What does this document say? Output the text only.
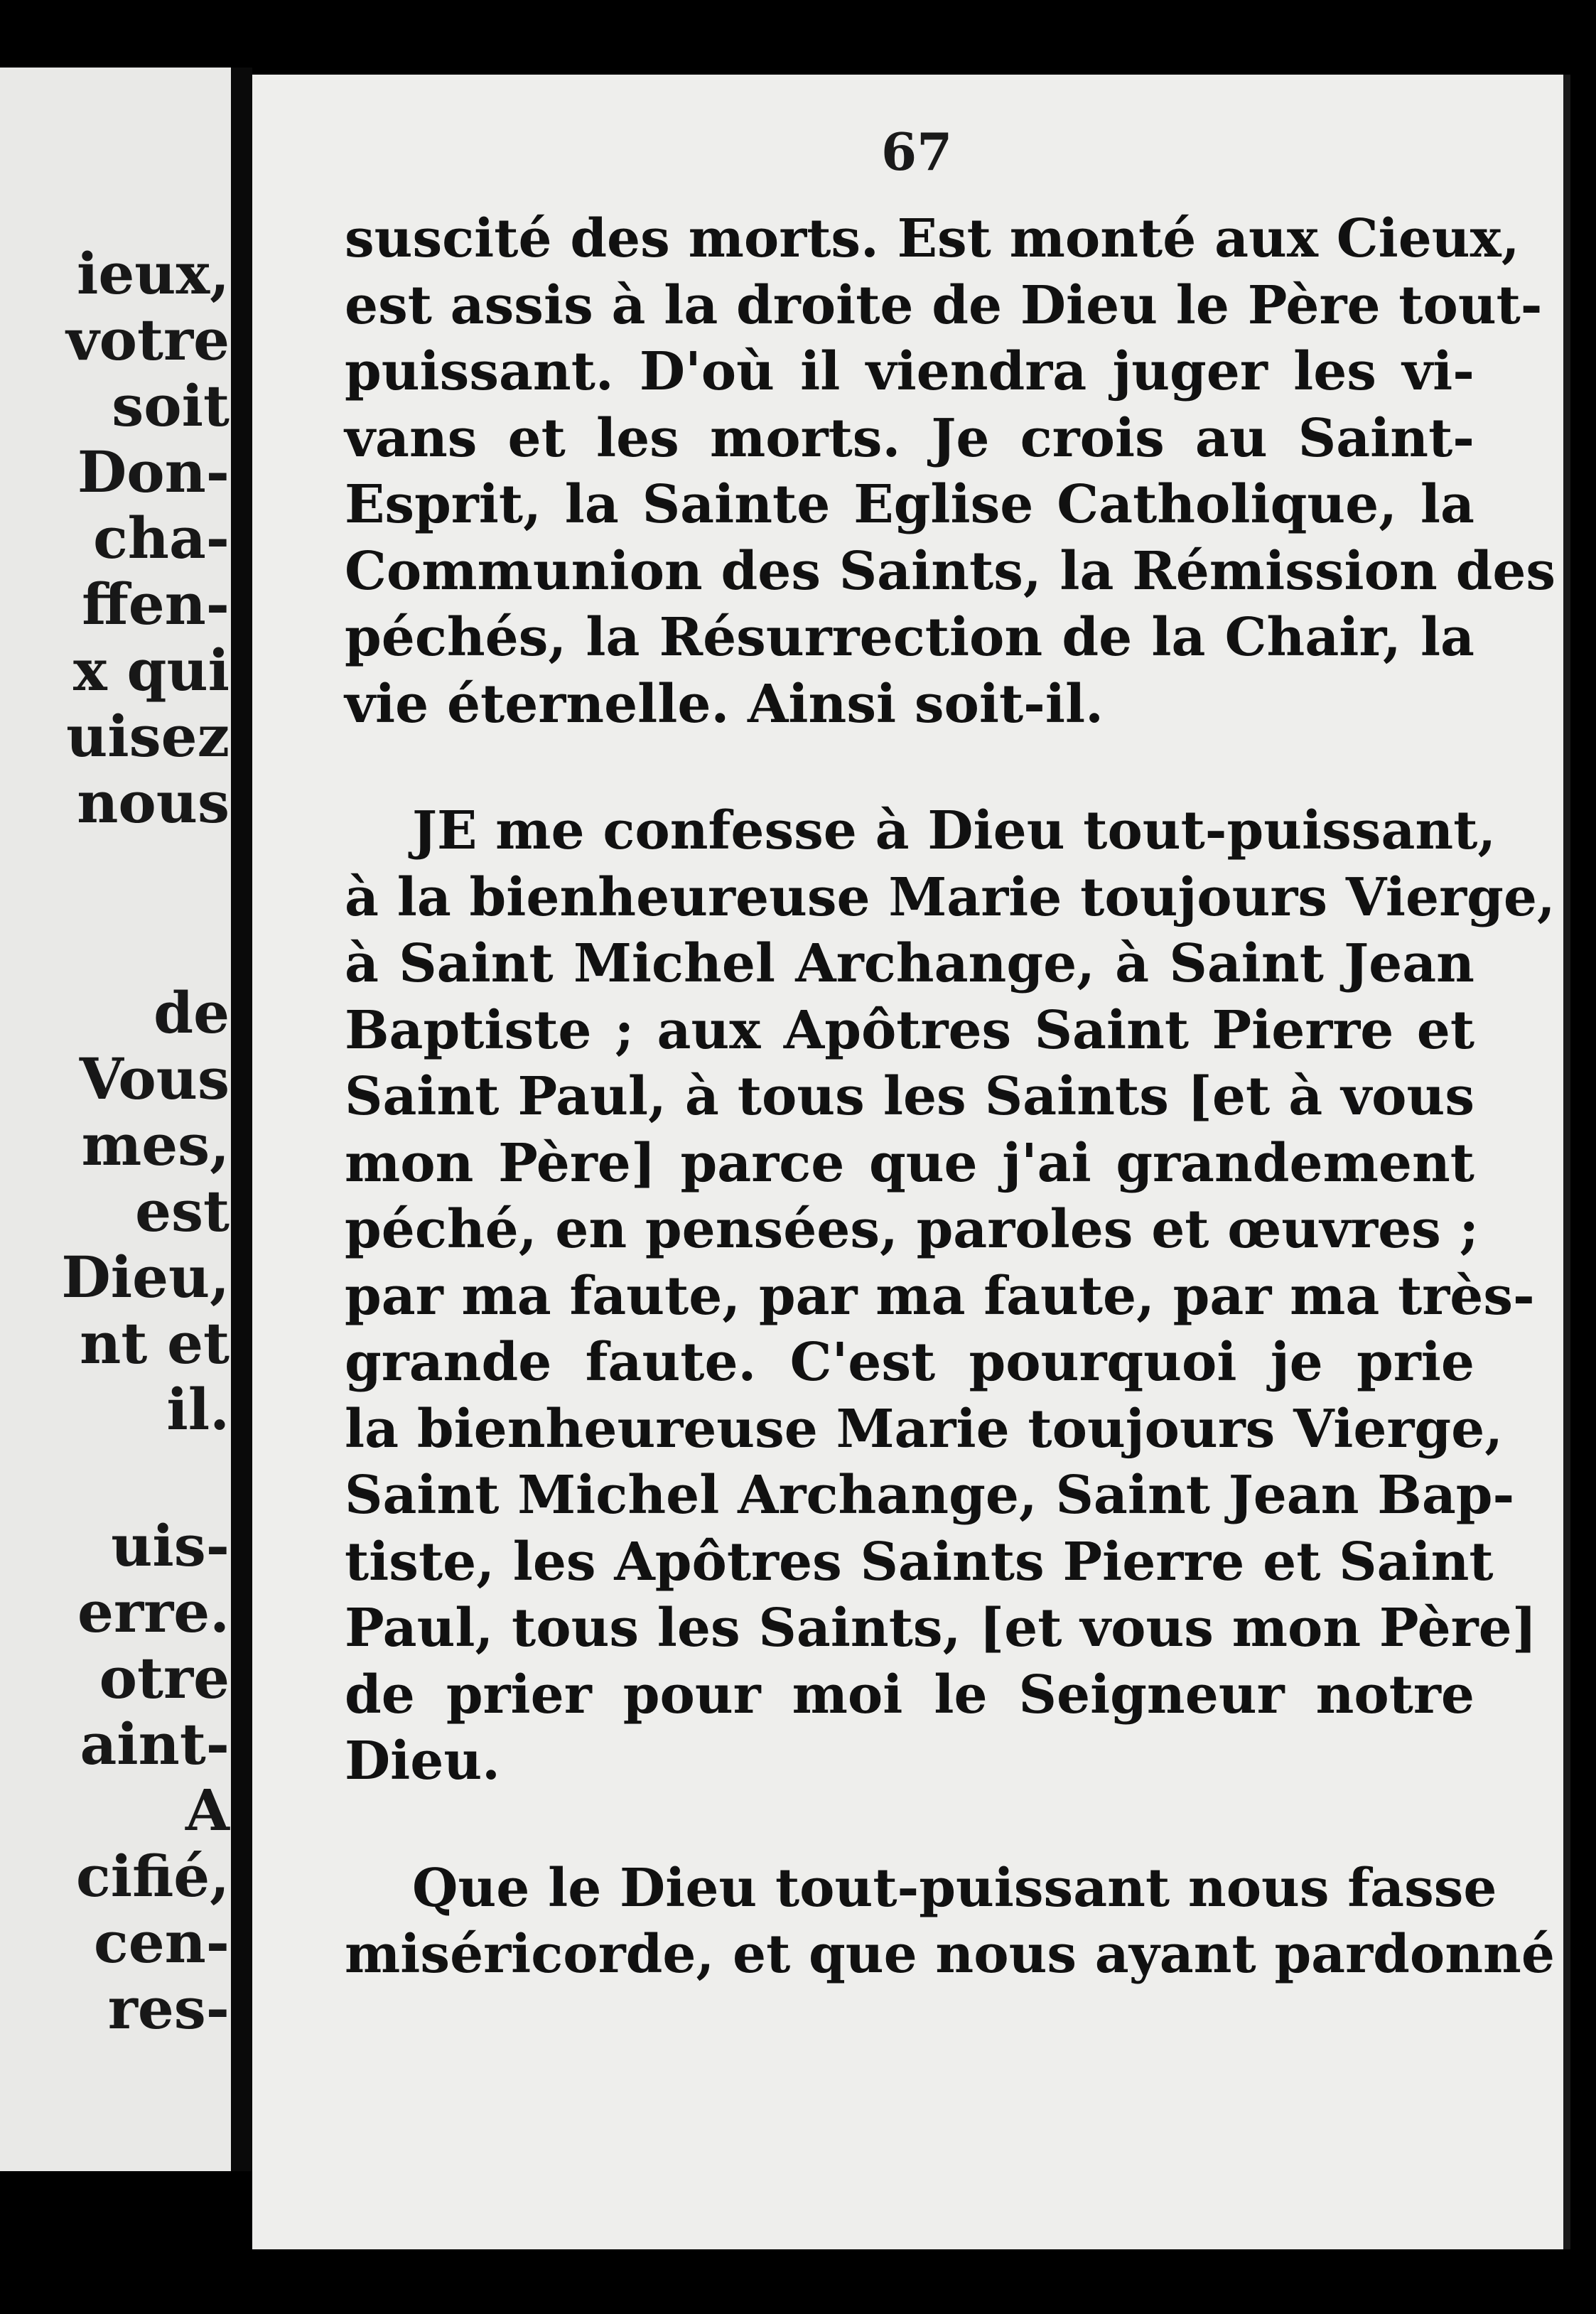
ieux,
votre
soit
Don-
cha-
ffen-
x qui
uisez
nous
de
Vous
mes,
est
Dieu,
nt et
il.
uis-
erre.
otre
aint-
A
cifié,
cen-
res-
67
suscité des morts. Est monté aux Cieux,
est assis à la droite de Dieu le Père tout-
puissant. D'où il viendra juger les vi-
vans et les morts. Je crois au Saint-
Esprit, la Sainte Eglise Catholique, la
Communion des Saints, la Rémission des
péchés, la Résurrection de la Chair, la
vie éternelle. Ainsi soit-il.
JE me confesse à Dieu tout-puissant,
à la bienheureuse Marie toujours Vierge,
à Saint Michel Archange, à Saint Jean
Baptiste ; aux Apôtres Saint Pierre et
Saint Paul, à tous les Saints [et à vous
mon Père] parce que j'ai grandement
péché, en pensées, paroles et œuvres ;
par ma faute, par ma faute, par ma très-
grande faute. C'est pourquoi je prie
la bienheureuse Marie toujours Vierge,
Saint Michel Archange, Saint Jean Bap-
tiste, les Apôtres Saints Pierre et Saint
Paul, tous les Saints, [et vous mon Père]
de prier pour moi le Seigneur notre
Dieu.
Que le Dieu tout-puissant nous fasse
miséricorde, et que nous ayant pardonné
